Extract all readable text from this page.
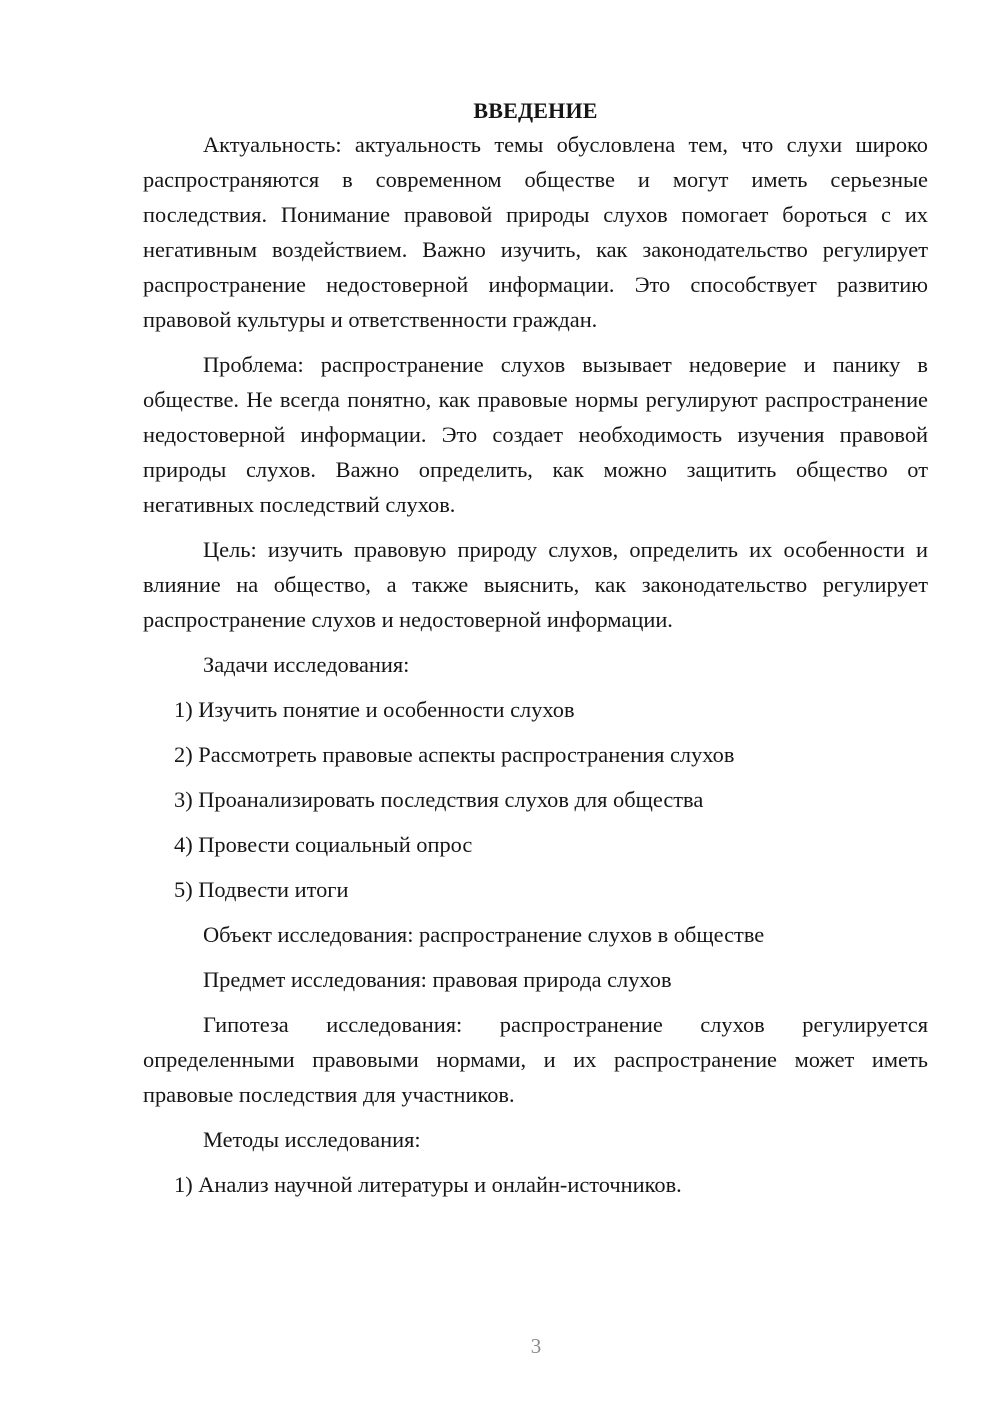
ВВЕДЕНИЕ

Актуальность: актуальность темы обусловлена тем, что слухи широко распространяются в современном обществе и могут иметь серьезные последствия. Понимание правовой природы слухов помогает бороться с их негативным воздействием. Важно изучить, как законодательство регулирует распространение недостоверной информации. Это способствует развитию правовой культуры и ответственности граждан.

Проблема: распространение слухов вызывает недоверие и панику в обществе. Не всегда понятно, как правовые нормы регулируют распространение недостоверной информации. Это создает необходимость изучения правовой природы слухов. Важно определить, как можно защитить общество от негативных последствий слухов.

Цель: изучить правовую природу слухов, определить их особенности и влияние на общество, а также выяснить, как законодательство регулирует распространение слухов и недостоверной информации.

Задачи исследования:

1) Изучить понятие и особенности слухов

2) Рассмотреть правовые аспекты распространения слухов

3) Проанализировать последствия слухов для общества

4) Провести социальный опрос

5) Подвести итоги

Объект исследования: распространение слухов в обществе

Предмет исследования: правовая природа слухов

Гипотеза исследования: распространение слухов регулируется определенными правовыми нормами, и их распространение может иметь правовые последствия для участников.

Методы исследования:

1) Анализ научной литературы и онлайн-источников.

3
